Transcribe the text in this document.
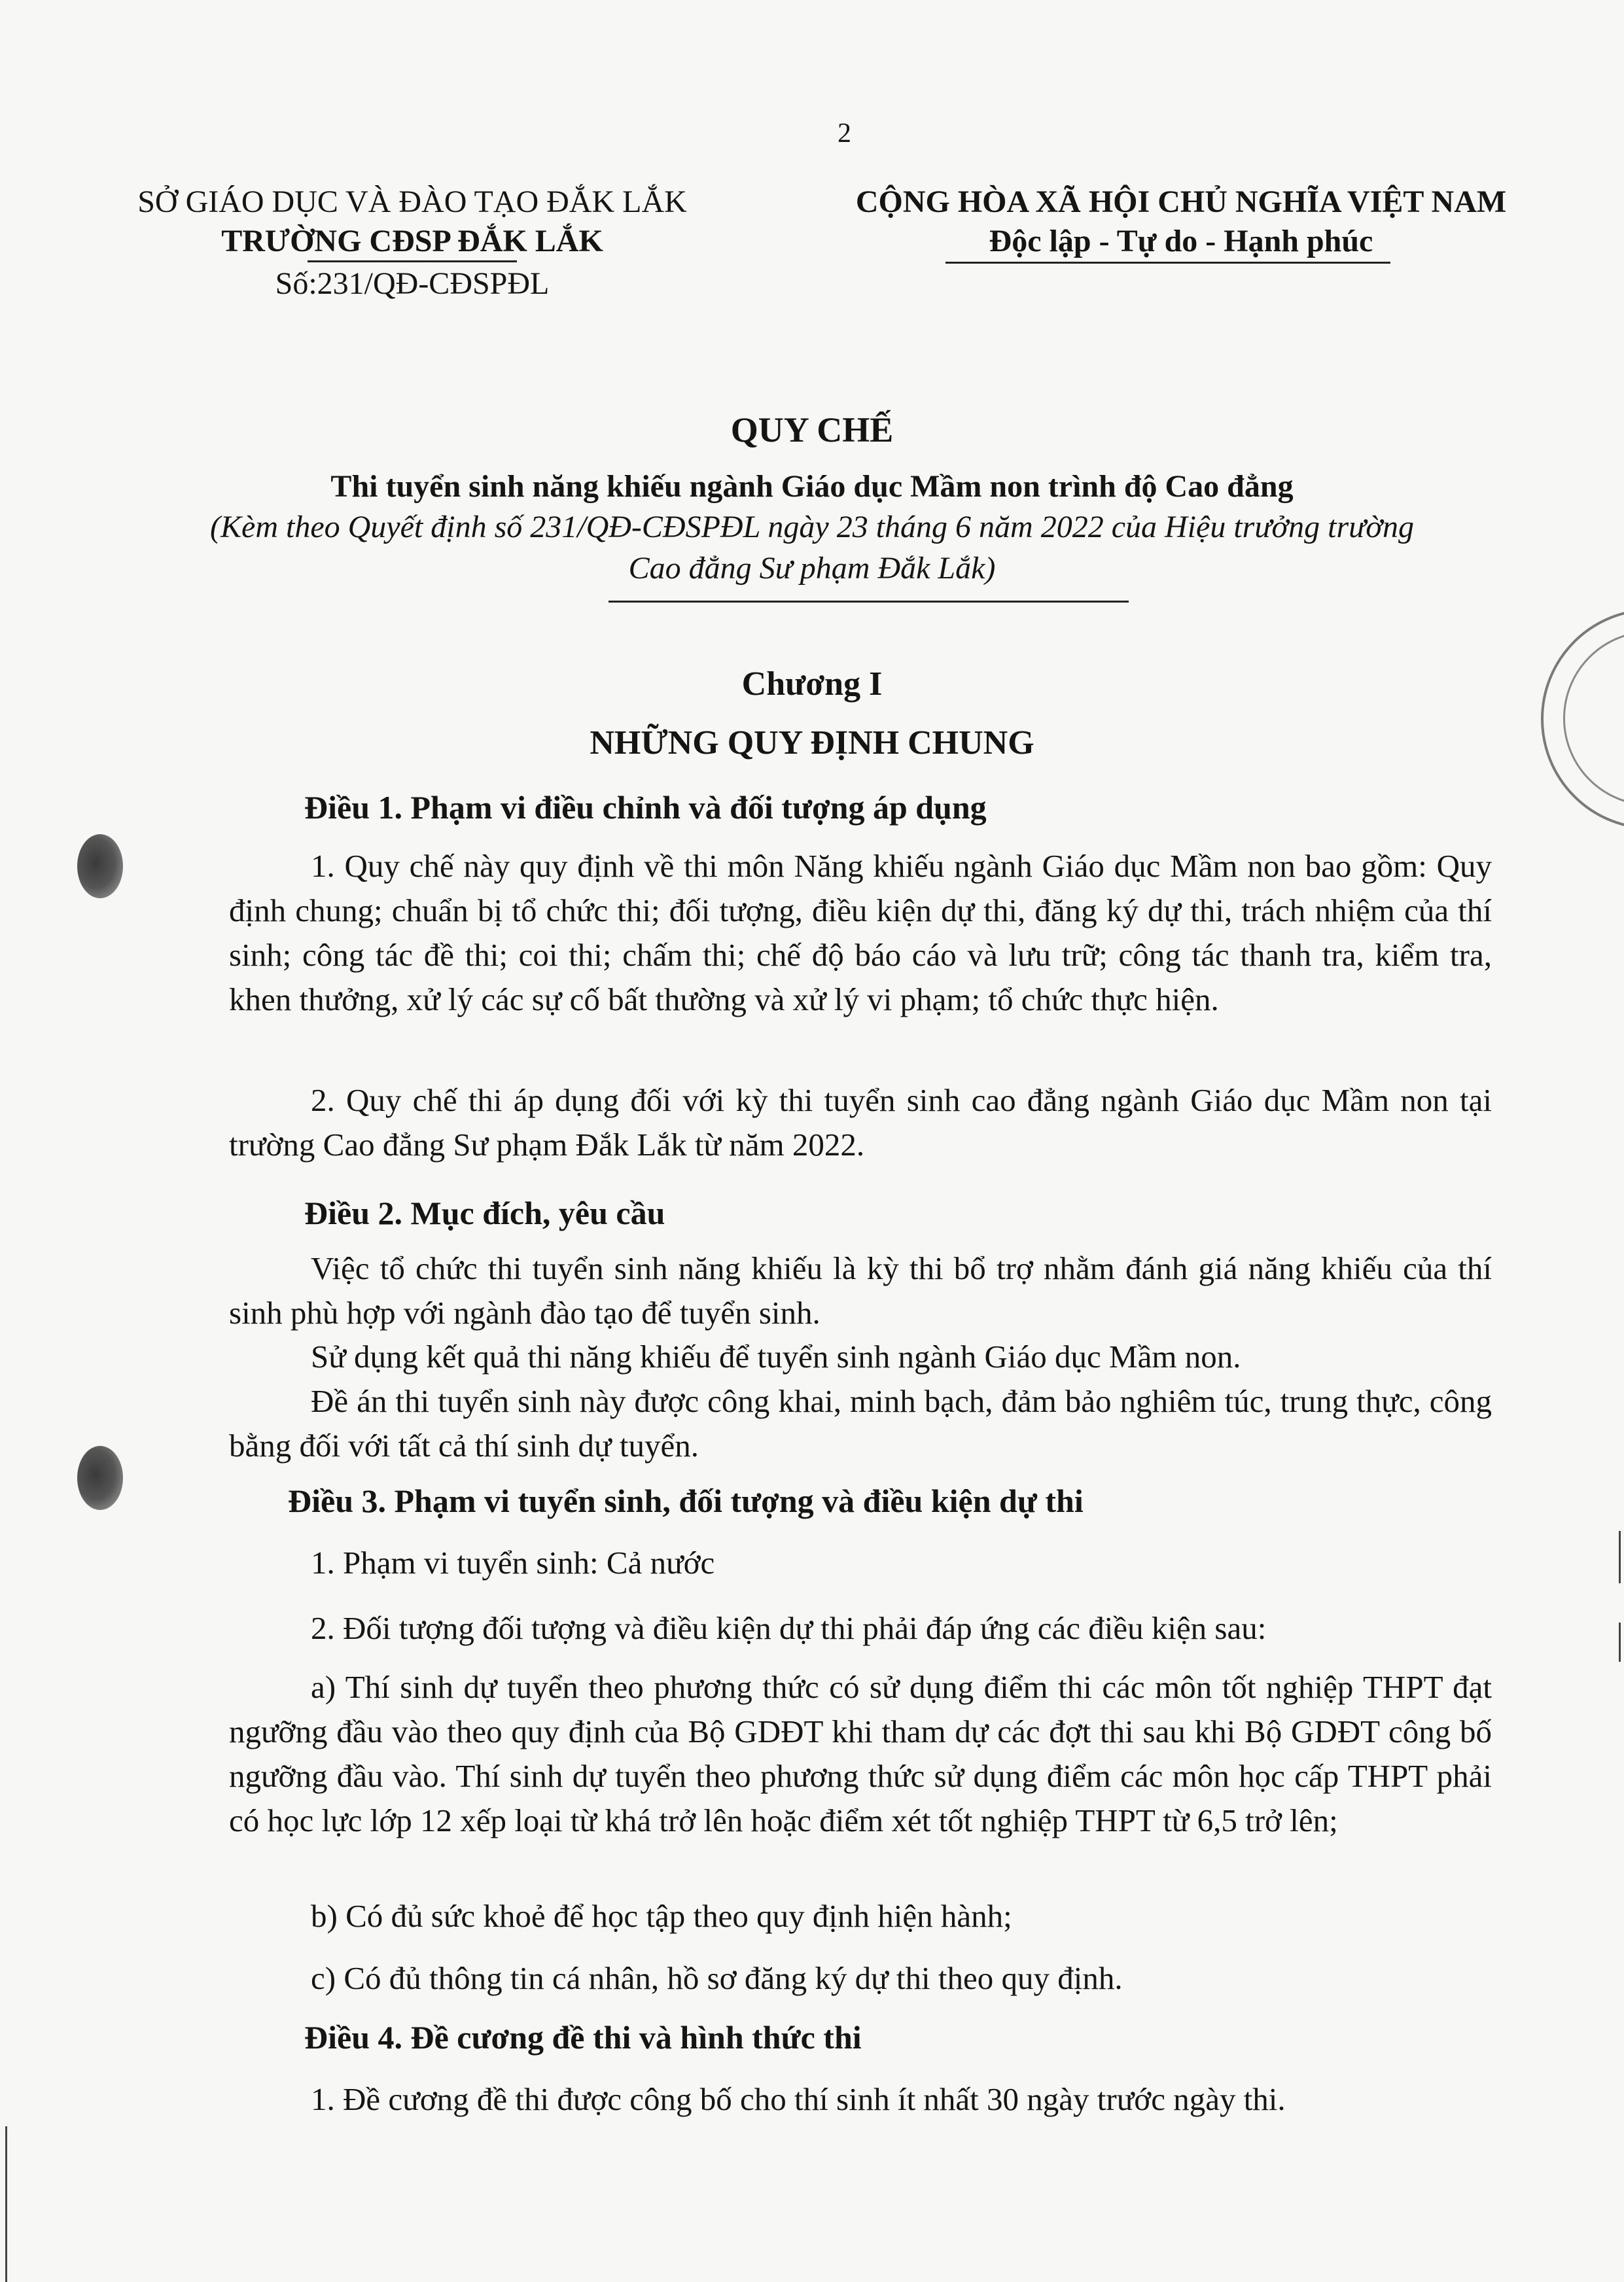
2
SỞ GIÁO DỤC VÀ ĐÀO TẠO ĐẮK LẮK
TRƯỜNG CĐSP ĐẮK LẮK
Số:231/QĐ-CĐSPĐL
CỘNG HÒA XÃ HỘI CHỦ NGHĨA VIỆT NAM
Độc lập - Tự do - Hạnh phúc
QUY CHẾ
Thi tuyển sinh năng khiếu ngành Giáo dục Mầm non trình độ Cao đẳng
(Kèm theo Quyết định số 231/QĐ-CĐSPĐL ngày 23 tháng 6 năm 2022 của Hiệu trưởng trường
Cao đẳng Sư phạm Đắk Lắk)
Chương I
NHỮNG QUY ĐỊNH CHUNG
Điều 1. Phạm vi điều chỉnh và đối tượng áp dụng
1. Quy chế này quy định về thi môn Năng khiếu ngành Giáo dục Mầm non bao gồm: Quy định chung; chuẩn bị tổ chức thi; đối tượng, điều kiện dự thi, đăng ký dự thi, trách nhiệm của thí sinh; công tác đề thi; coi thi; chấm thi; chế độ báo cáo và lưu trữ; công tác thanh tra, kiểm tra, khen thưởng, xử lý các sự cố bất thường và xử lý vi phạm; tổ chức thực hiện.
2. Quy chế thi áp dụng đối với kỳ thi tuyển sinh cao đẳng ngành Giáo dục Mầm non tại trường Cao đẳng Sư phạm Đắk Lắk từ năm 2022.
Điều 2. Mục đích, yêu cầu
Việc tổ chức thi tuyển sinh năng khiếu là kỳ thi bổ trợ nhằm đánh giá năng khiếu của thí sinh phù hợp với ngành đào tạo để tuyển sinh.
Sử dụng kết quả thi năng khiếu để tuyển sinh ngành Giáo dục Mầm non.
Đề án thi tuyển sinh này được công khai, minh bạch, đảm bảo nghiêm túc, trung thực, công bằng đối với tất cả thí sinh dự tuyển.
Điều 3. Phạm vi tuyển sinh, đối tượng và điều kiện dự thi
1. Phạm vi tuyển sinh: Cả nước
2. Đối tượng đối tượng và điều kiện dự thi phải đáp ứng các điều kiện sau:
a) Thí sinh dự tuyển theo phương thức có sử dụng điểm thi các môn tốt nghiệp THPT đạt ngưỡng đầu vào theo quy định của Bộ GDĐT khi tham dự các đợt thi sau khi Bộ GDĐT công bố ngưỡng đầu vào. Thí sinh dự tuyển theo phương thức sử dụng điểm các môn học cấp THPT phải có học lực lớp 12 xếp loại từ khá trở lên hoặc điểm xét tốt nghiệp THPT từ 6,5 trở lên;
b) Có đủ sức khoẻ để học tập theo quy định hiện hành;
c) Có đủ thông tin cá nhân, hồ sơ đăng ký dự thi theo quy định.
Điều 4. Đề cương đề thi và hình thức thi
1. Đề cương đề thi được công bố cho thí sinh ít nhất 30 ngày trước ngày thi.
